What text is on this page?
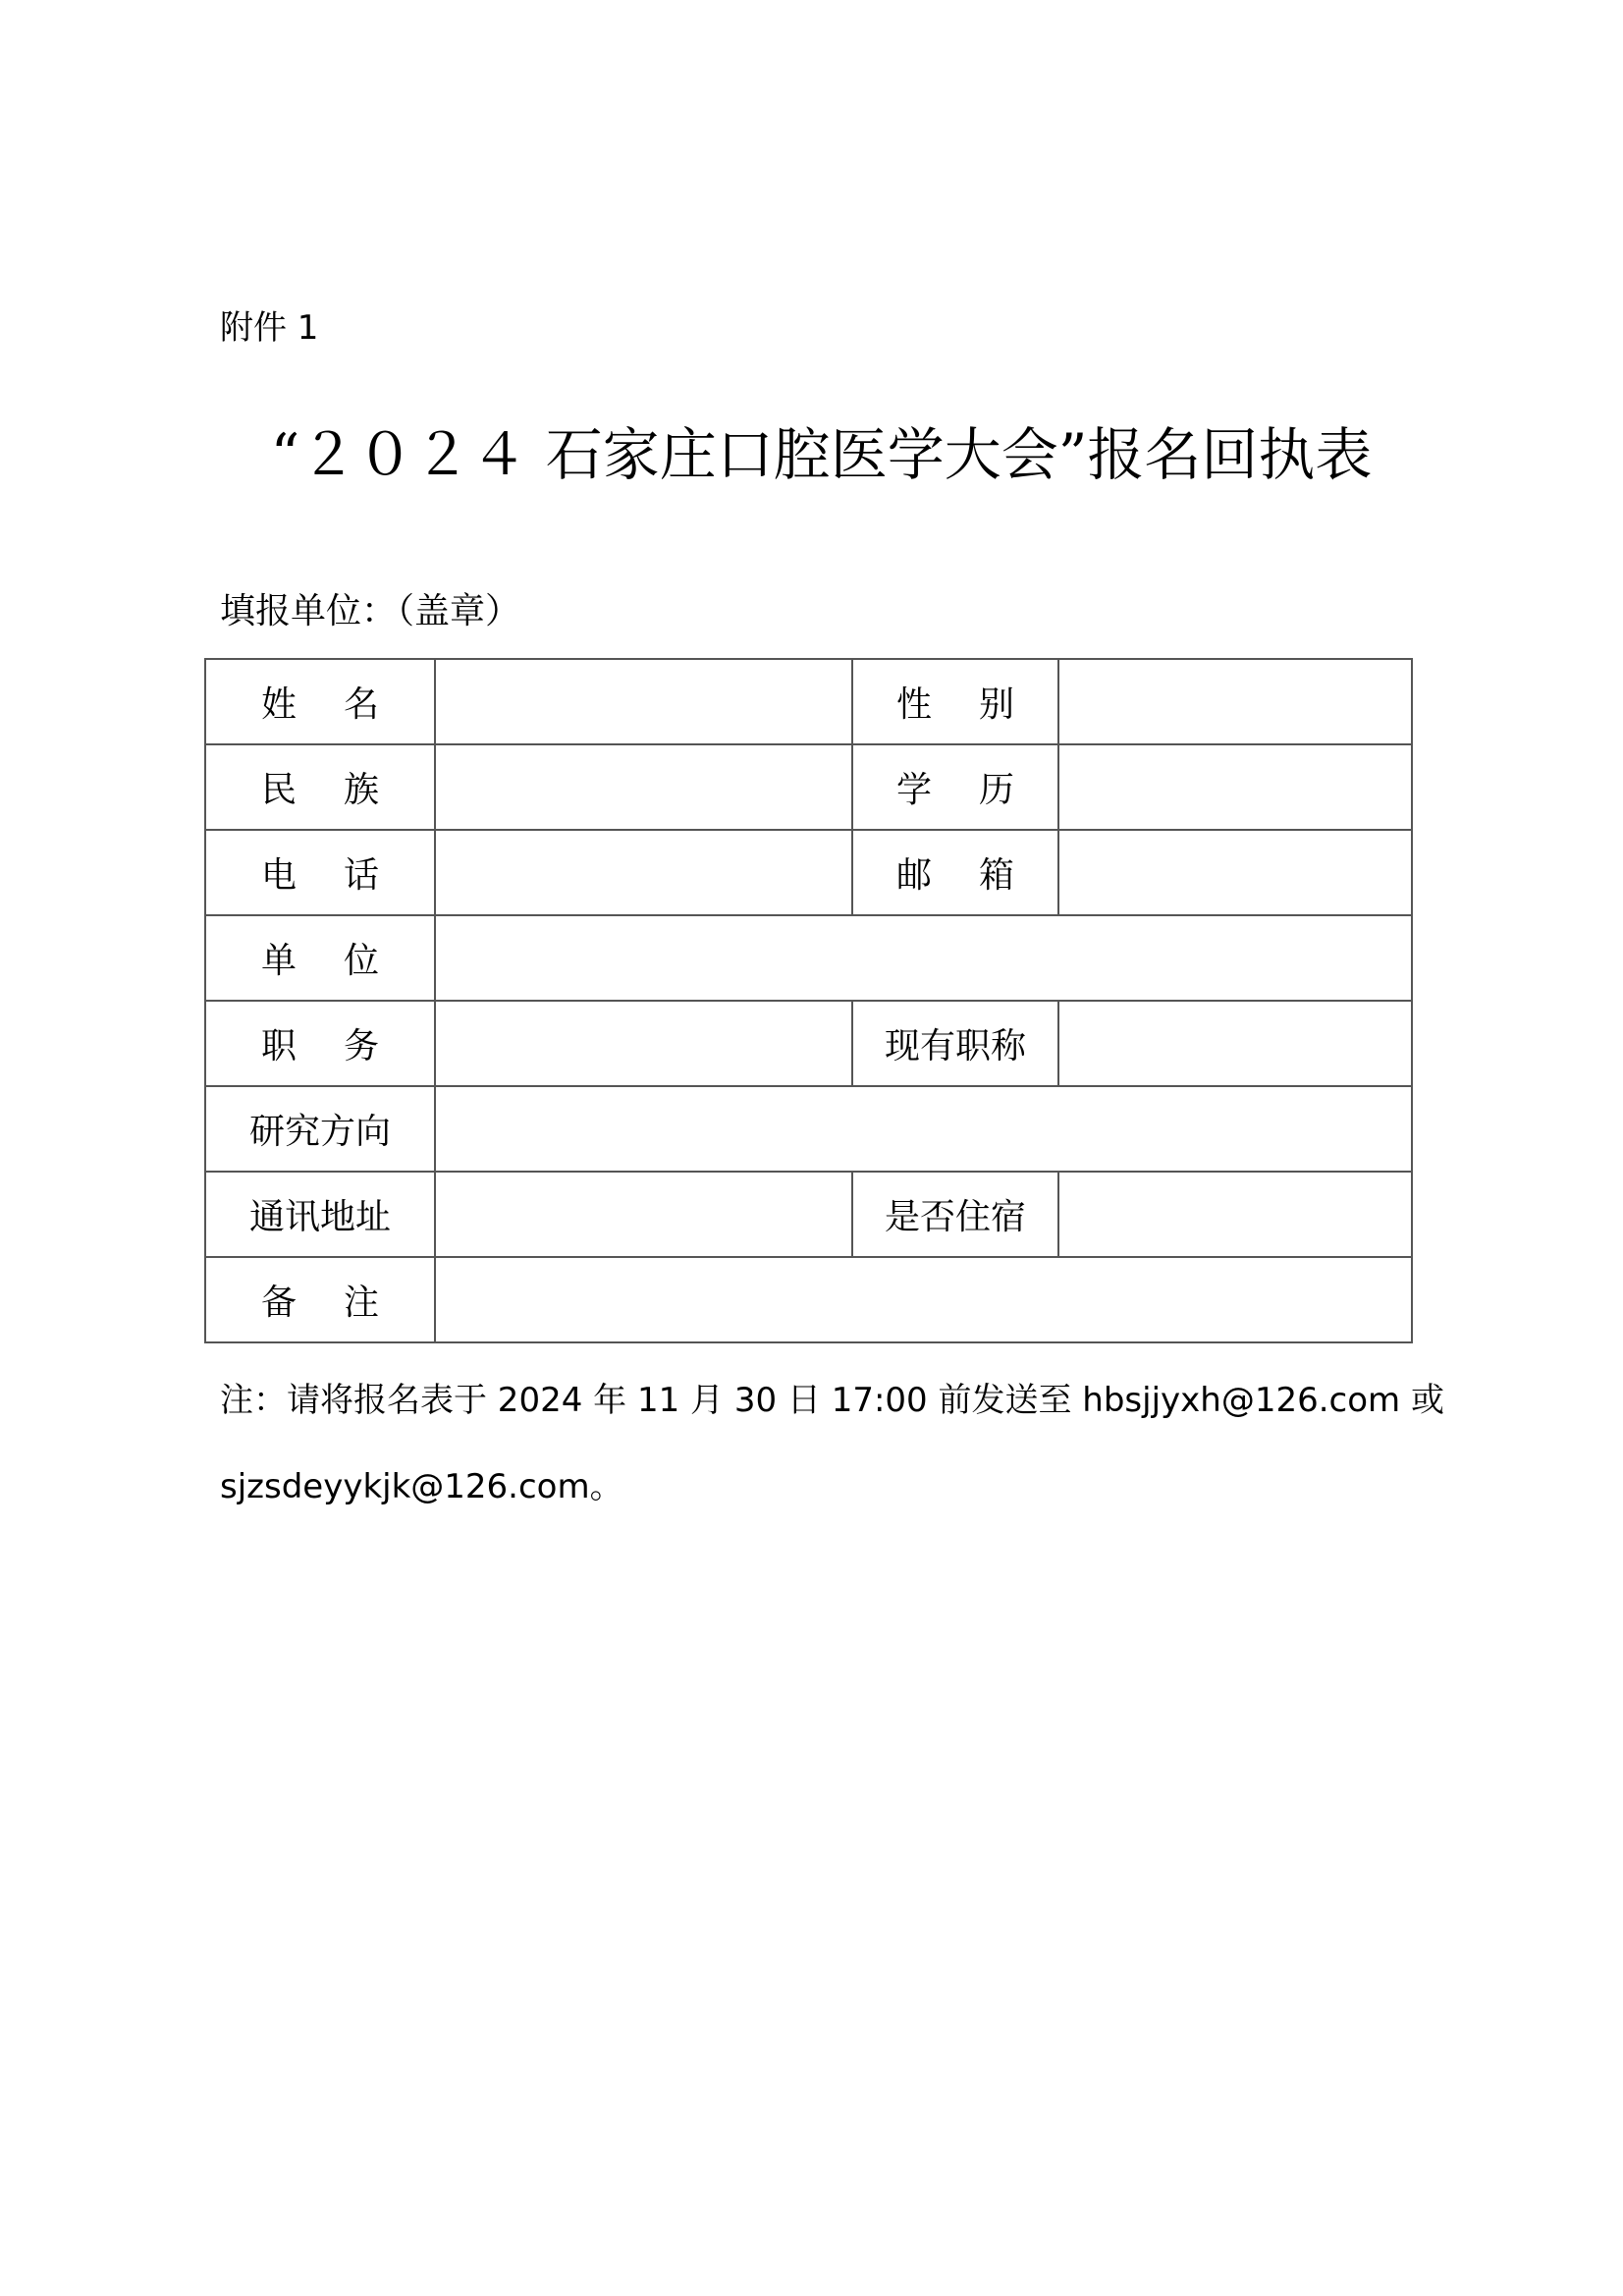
附件 1
“２０２４ 石家庄口腔医学大会”报名回执表
填报单位：（盖章）
姓名		性别	
民族		学历	
电话		邮箱	
单位			
职务		现有职称	
研究方向			
通讯地址		是否住宿	
备注			
注：请将报名表于 2024 年 11 月 30 日 17:00 前发送至 hbsjjyxh@126.com 或
sjzsdeyykjk@126.com。
